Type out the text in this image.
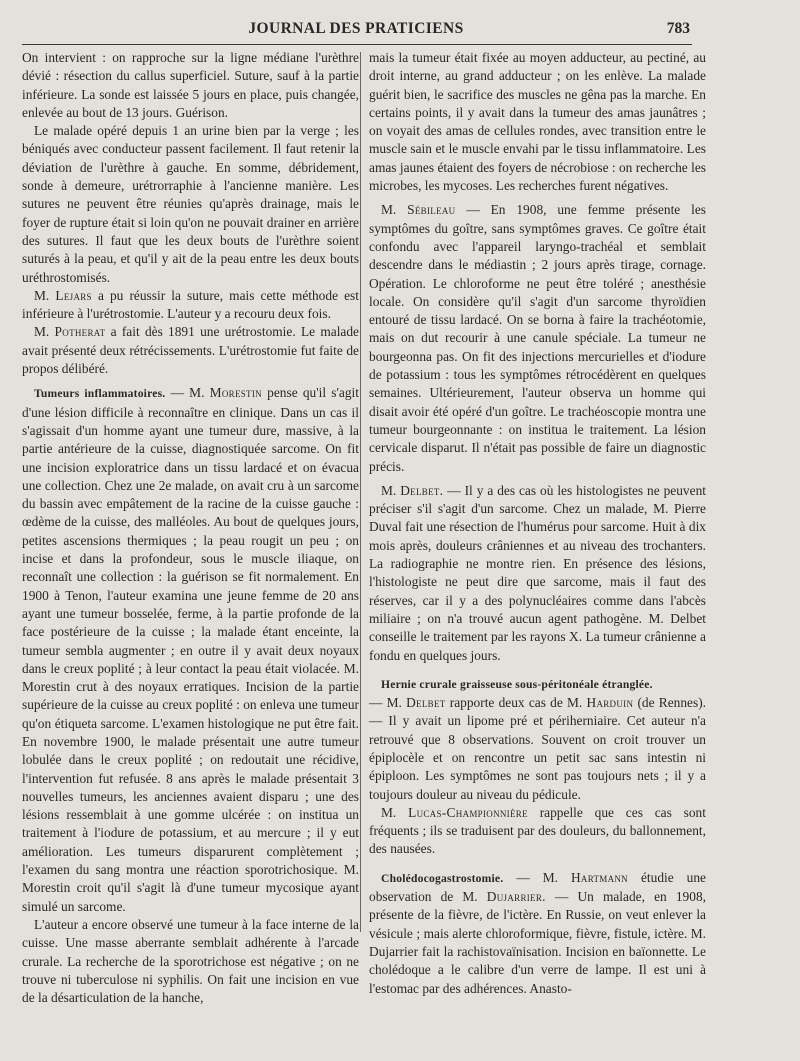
JOURNAL DES PRATICIENS	783

On intervient : on rapproche sur la ligne médiane l'urèthre dévié : résection du callus superficiel. Suture, sauf à la partie inférieure. La sonde est laissée 5 jours en place, puis changée, enlevée au bout de 13 jours. Guérison.

Le malade opéré depuis 1 an urine bien par la verge ; les béniqués avec conducteur passent facilement. Il faut retenir la déviation de l'urèthre à gauche. En somme, débridement, sonde à demeure, urétrorraphie à l'ancienne manière. Les sutures ne peuvent être réunies qu'après drainage, mais le foyer de rupture était si loin qu'on ne pouvait drainer en arrière des sutures. Il faut que les deux bouts de l'urèthre soient suturés à la peau, et qu'il y ait de la peau entre les deux bouts uréthrostomisés.

M. Lejars a pu réussir la suture, mais cette méthode est inférieure à l'urétrostomie. L'auteur y a recouru deux fois.

M. Potherat a fait dès 1891 une urétrostomie. Le malade avait présenté deux rétrécissements. L'urétrostomie fut faite de propos délibéré.

Tumeurs inflammatoires. — M. Morestin pense qu'il s'agit d'une lésion difficile à reconnaître en clinique. Dans un cas il s'agissait d'un homme ayant une tumeur dure, massive, à la partie antérieure de la cuisse, diagnostiquée sarcome. On fit une incision exploratrice dans un tissu lardacé et on évacua une collection. Chez une 2e malade, on avait cru à un sarcome du bassin avec empâtement de la racine de la cuisse gauche : œdème de la cuisse, des malléoles. Au bout de quelques jours, petites ascensions thermiques ; la peau rougit un peu ; on incise et dans la profondeur, sous le muscle iliaque, on reconnaît une collection : la guérison se fit normalement. En 1900 à Tenon, l'auteur examina une jeune femme de 20 ans ayant une tumeur bosselée, ferme, à la partie profonde de la face postérieure de la cuisse ; la malade étant enceinte, la tumeur sembla augmenter ; en outre il y avait deux noyaux dans le creux poplité ; à leur contact la peau était violacée. M. Morestin crut à des noyaux erratiques. Incision de la partie supérieure de la cuisse au creux poplité : on enleva une tumeur qu'on étiqueta sarcome. L'examen histologique ne put être fait. En novembre 1900, le malade présentait une autre tumeur lobulée dans le creux poplité ; on redoutait une récidive, l'intervention fut refusée. 8 ans après le malade présentait 3 nouvelles tumeurs, les anciennes avaient disparu ; une des lésions ressemblait à une gomme ulcérée : on institua un traitement à l'iodure de potassium, et au mercure ; il y eut amélioration. Les tumeurs disparurent complètement ; l'examen du sang montra une réaction sporotrichosique. M. Morestin croit qu'il s'agit là d'une tumeur mycosique ayant simulé un sarcome.

L'auteur a encore observé une tumeur à la face interne de la cuisse. Une masse aberrante semblait adhérente à l'arcade crurale. La recherche de la sporotrichose est négative ; on ne trouve ni tuberculose ni syphilis. On fait une incision en vue de la désarticulation de la hanche,

mais la tumeur était fixée au moyen adducteur, au pectiné, au droit interne, au grand adducteur ; on les enlève. La malade guérit bien, le sacrifice des muscles ne gêna pas la marche. En certains points, il y avait dans la tumeur des amas jaunâtres ; on voyait des amas de cellules rondes, avec transition entre le muscle sain et le muscle envahi par le tissu inflammatoire. Les amas jaunes étaient des foyers de nécrobiose : on recherche les microbes, les mycoses. Les recherches furent négatives.

M. Sébileau — En 1908, une femme présente les symptômes du goître, sans symptômes graves. Ce goître était confondu avec l'appareil laryngo-trachéal et semblait descendre dans le médiastin ; 2 jours après tirage, cornage. Opération. Le chloroforme ne peut être toléré ; anesthésie locale. On considère qu'il s'agit d'un sarcome thyroïdien entouré de tissu lardacé. On se borna à faire la trachéotomie, mais on dut recourir à une canule spéciale. La tumeur ne bourgeonna pas. On fit des injections mercurielles et d'iodure de potassium : tous les symptômes rétrocédèrent en quelques semaines. Ultérieurement, l'auteur observa un homme qui disait avoir été opéré d'un goître. Le trachéoscopie montra une tumeur bourgeonnante : on institua le traitement. La lésion cervicale disparut. Il n'était pas possible de faire un diagnostic précis.

M. Delbet. — Il y a des cas où les histologistes ne peuvent préciser s'il s'agit d'un sarcome. Chez un malade, M. Pierre Duval fait une résection de l'humérus pour sarcome. Huit à dix mois après, douleurs crâniennes et au niveau des trochanters. La radiographie ne montre rien. En présence des lésions, l'histologiste ne peut dire que sarcome, mais il faut des réserves, car il y a des polynucléaires comme dans l'abcès miliaire ; on n'a trouvé aucun agent pathogène. M. Delbet conseille le traitement par les rayons X. La tumeur crânienne a fondu en quelques jours.

Hernie crurale graisseuse sous-péritonéale étranglée.
— M. Delbet rapporte deux cas de M. Harduin (de Rennes). — Il y avait un lipome pré et périherniaire. Cet auteur n'a retrouvé que 8 observations. Souvent on croit trouver un épiplocèle et on rencontre un petit sac sans intestin ni épiploon. Les symptômes ne sont pas toujours nets ; il y a toujours douleur au niveau du pédicule.

M. Lucas-Championnière rappelle que ces cas sont fréquents ; ils se traduisent par des douleurs, du ballonnement, des nausées.

Cholédocogastrostomie. — M. Hartmann étudie une observation de M. Dujarrier. — Un malade, en 1908, présente de la fièvre, de l'ictère. En Russie, on veut enlever la vésicule ; mais alerte chloroformique, fièvre, fistule, ictère. M. Dujarrier fait la rachistovaïnisation. Incision en baïonnette. Le cholédoque a le calibre d'un verre de lampe. Il est uni à l'estomac par des adhérences. Anasto-
